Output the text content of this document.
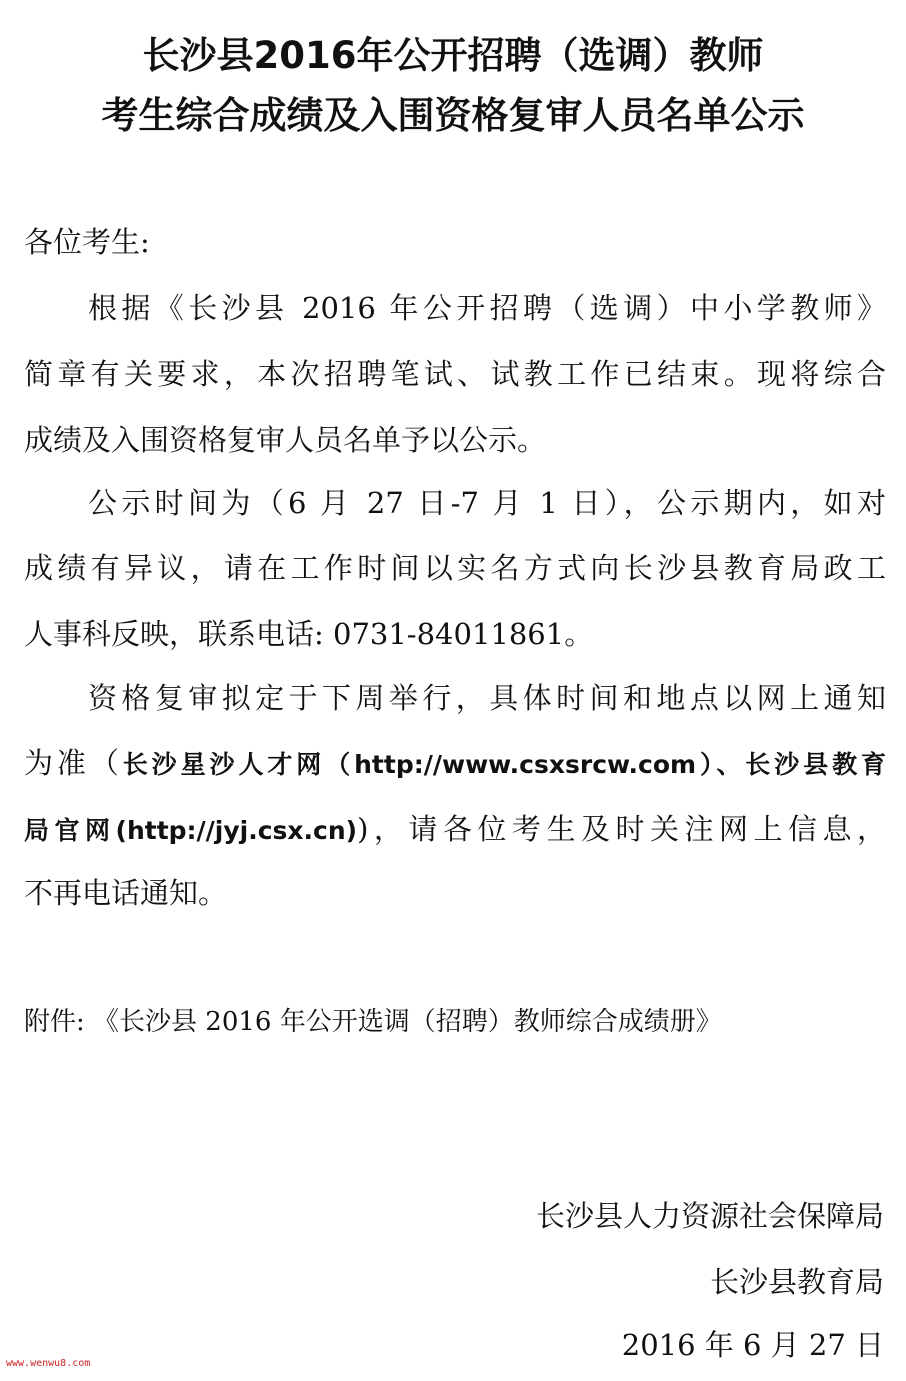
长沙县2016年公开招聘（选调）教师
考生综合成绩及入围资格复审人员名单公示
各位考生:
根据《长沙县 2016 年公开招聘（选调）中小学教师》
简章有关要求，本次招聘笔试、试教工作已结束。现将综合
成绩及入围资格复审人员名单予以公示。
公示时间为（6 月 27 日-7 月 1 日），公示期内，如对
成绩有异议，请在工作时间以实名方式向长沙县教育局政工
人事科反映，联系电话: 0731-84011861。
资格复审拟定于下周举行，具体时间和地点以网上通知
为准（长沙星沙人才网（http://www.csxsrcw.com）、长沙县教育
局官网(http://jyj.csx.cn))，请各位考生及时关注网上信息，
不再电话通知。
附件: 《长沙县 2016 年公开选调（招聘）教师综合成绩册》
长沙县人力资源社会保障局
长沙县教育局
2016 年 6 月 27 日
www.wenwu8.com
